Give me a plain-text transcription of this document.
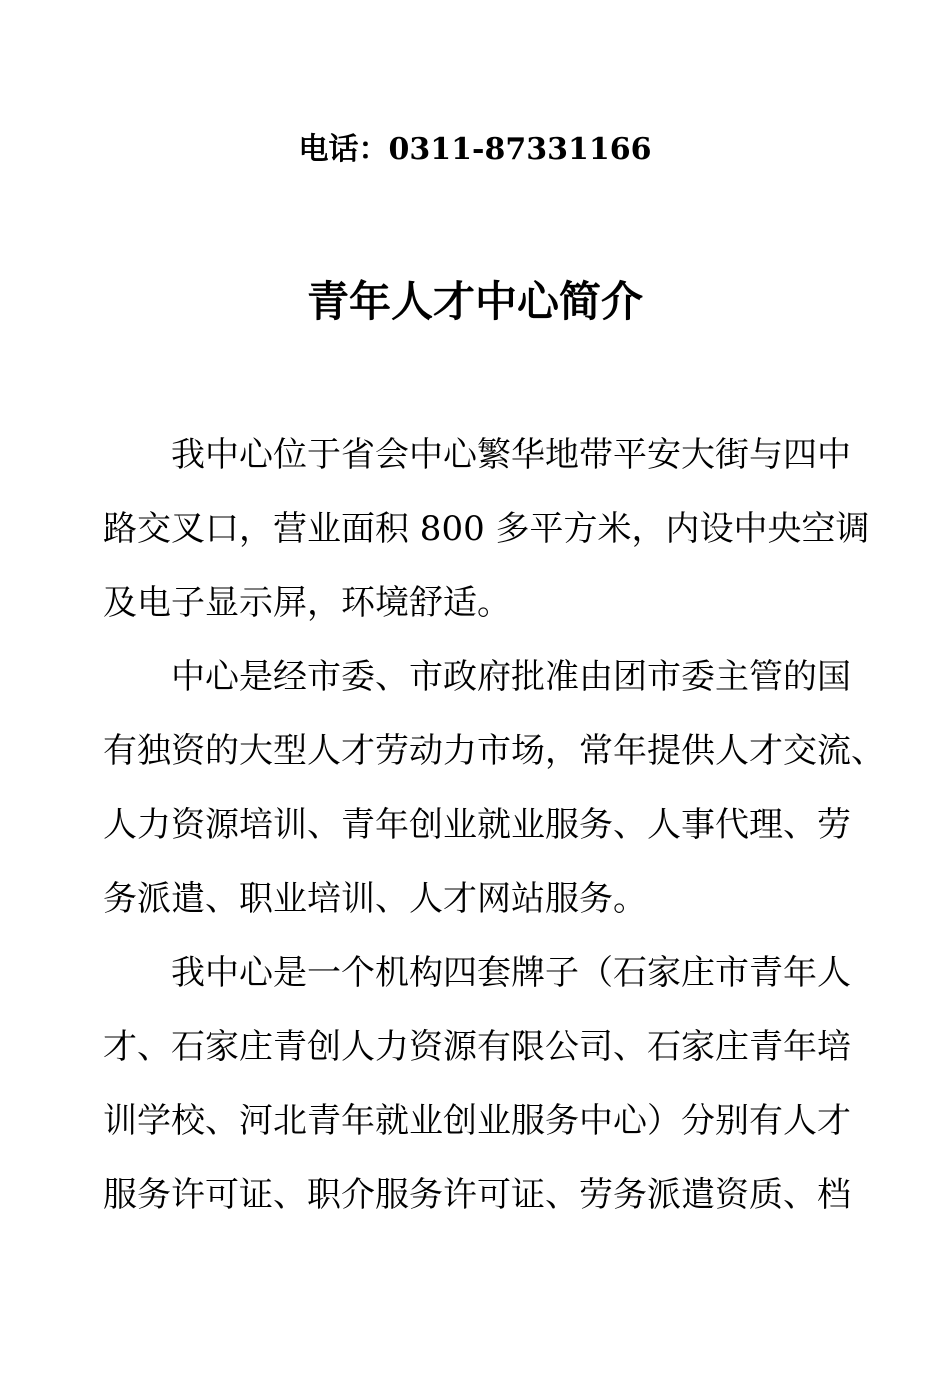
电话：0311-87331166
青年人才中心简介

我中心位于省会中心繁华地带平安大街与四中
路交叉口，营业面积 800 多平方米，内设中央空调
及电子显示屏，环境舒适。

中心是经市委、市政府批准由团市委主管的国
有独资的大型人才劳动力市场，常年提供人才交流、
人力资源培训、青年创业就业服务、人事代理、劳
务派遣、职业培训、人才网站服务。

我中心是一个机构四套牌子（石家庄市青年人
才、石家庄青创人力资源有限公司、石家庄青年培
训学校、河北青年就业创业服务中心）分别有人才
服务许可证、职介服务许可证、劳务派遣资质、档
